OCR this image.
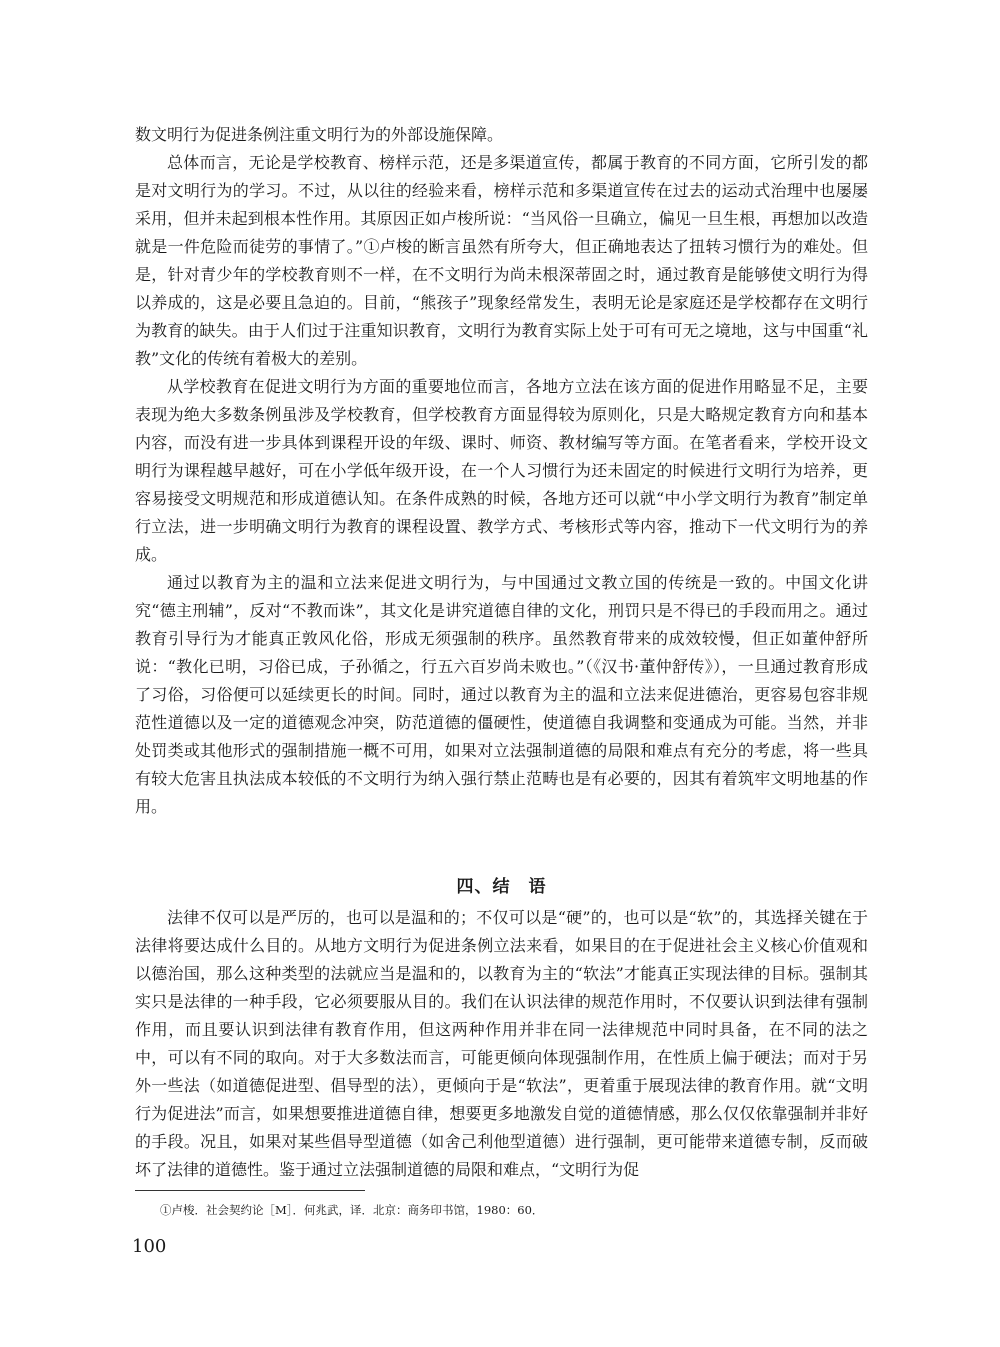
数文明行为促进条例注重文明行为的外部设施保障。

总体而言，无论是学校教育、榜样示范，还是多渠道宣传，都属于教育的不同方面，它所引发的都是对文明行为的学习。不过，从以往的经验来看，榜样示范和多渠道宣传在过去的运动式治理中也屡屡采用，但并未起到根本性作用。其原因正如卢梭所说：“当风俗一旦确立，偏见一旦生根，再想加以改造就是一件危险而徒劳的事情了。”①卢梭的断言虽然有所夸大，但正确地表达了扭转习惯行为的难处。但是，针对青少年的学校教育则不一样，在不文明行为尚未根深蒂固之时，通过教育是能够使文明行为得以养成的，这是必要且急迫的。目前，“熊孩子”现象经常发生，表明无论是家庭还是学校都存在文明行为教育的缺失。由于人们过于注重知识教育，文明行为教育实际上处于可有可无之境地，这与中国重“礼教”文化的传统有着极大的差别。

从学校教育在促进文明行为方面的重要地位而言，各地方立法在该方面的促进作用略显不足，主要表现为绝大多数条例虽涉及学校教育，但学校教育方面显得较为原则化，只是大略规定教育方向和基本内容，而没有进一步具体到课程开设的年级、课时、师资、教材编写等方面。在笔者看来，学校开设文明行为课程越早越好，可在小学低年级开设，在一个人习惯行为还未固定的时候进行文明行为培养，更容易接受文明规范和形成道德认知。在条件成熟的时候，各地方还可以就“中小学文明行为教育”制定单行立法，进一步明确文明行为教育的课程设置、教学方式、考核形式等内容，推动下一代文明行为的养成。

通过以教育为主的温和立法来促进文明行为，与中国通过文教立国的传统是一致的。中国文化讲究“德主刑辅”，反对“不教而诛”，其文化是讲究道德自律的文化，刑罚只是不得已的手段而用之。通过教育引导行为才能真正敦风化俗，形成无须强制的秩序。虽然教育带来的成效较慢，但正如董仲舒所说：“教化已明，习俗已成，子孙循之，行五六百岁尚未败也。”（《汉书·董仲舒传》），一旦通过教育形成了习俗，习俗便可以延续更长的时间。同时，通过以教育为主的温和立法来促进德治，更容易包容非规范性道德以及一定的道德观念冲突，防范道德的僵硬性，使道德自我调整和变通成为可能。当然，并非处罚类或其他形式的强制措施一概不可用，如果对立法强制道德的局限和难点有充分的考虑，将一些具有较大危害且执法成本较低的不文明行为纳入强行禁止范畴也是有必要的，因其有着筑牢文明地基的作用。

四、结　语

法律不仅可以是严厉的，也可以是温和的；不仅可以是“硬”的，也可以是“软”的，其选择关键在于法律将要达成什么目的。从地方文明行为促进条例立法来看，如果目的在于促进社会主义核心价值观和以德治国，那么这种类型的法就应当是温和的，以教育为主的“软法”才能真正实现法律的目标。强制其实只是法律的一种手段，它必须要服从目的。我们在认识法律的规范作用时，不仅要认识到法律有强制作用，而且要认识到法律有教育作用，但这两种作用并非在同一法律规范中同时具备，在不同的法之中，可以有不同的取向。对于大多数法而言，可能更倾向体现强制作用，在性质上偏于硬法；而对于另外一些法（如道德促进型、倡导型的法），更倾向于是“软法”，更着重于展现法律的教育作用。就“文明行为促进法”而言，如果想要推进道德自律，想要更多地激发自觉的道德情感，那么仅仅依靠强制并非好的手段。况且，如果对某些倡导型道德（如舍己利他型道德）进行强制，更可能带来道德专制，反而破坏了法律的道德性。鉴于通过立法强制道德的局限和难点，“文明行为促

①卢梭．社会契约论［M］．何兆武，译．北京：商务印书馆，1980：60．
100
